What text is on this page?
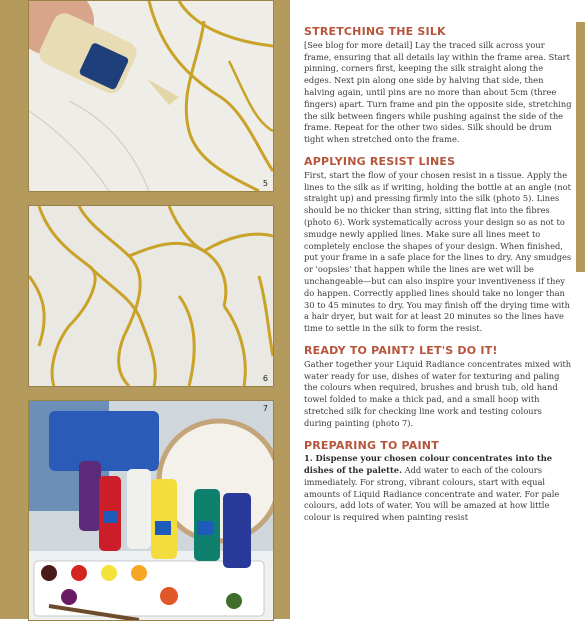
5
6
7
STRETCHING THE SILK

[See blog for more detail] Lay the traced silk across your frame, ensuring that all details lay within the frame area. Start pinning, corners first, keeping the silk straight along the edges. Next pin along one side by halving that side, then halving again, until pins are no more than about 5cm (three fingers) apart. Turn frame and pin the opposite side, stretching the silk between fingers while pushing against the side of the frame. Repeat for the other two sides. Silk should be drum tight when stretched onto the frame.

APPLYING RESIST LINES

First, start the flow of your chosen resist in a tissue. Apply the lines to the silk as if writing, holding the bottle at an angle (not straight up) and pressing firmly into the silk (photo 5). Lines should be no thicker than string, sitting flat into the fibres (photo 6). Work systematically across your design so as not to smudge newly applied lines. Make sure all lines meet to completely enclose the shapes of your design. When finished, put your frame in a safe place for the lines to dry. Any smudges or 'oopsies' that happen while the lines are wet will be unchangeable—but can also inspire your inventiveness if they do happen. Correctly applied lines should take no longer than 30 to 45 minutes to dry. You may finish off the drying time with a hair dryer, but wait for at least 20 minutes so the lines have time to settle in the silk to form the resist.

READY TO PAINT? LET'S DO IT!

Gather together your Liquid Radiance concentrates mixed with water ready for use, dishes of water for texturing and paling the colours when required, brushes and brush tub, old hand towel folded to make a thick pad, and a small hoop with stretched silk for checking line work and testing colours during painting (photo 7).

PREPARING TO PAINT

1. Dispense your chosen colour concentrates into the dishes of the palette. Add water to each of the colours immediately. For strong, vibrant colours, start with equal amounts of Liquid Radiance concentrate and water. For pale colours, add lots of water. You will be amazed at how little colour is required when painting resist
